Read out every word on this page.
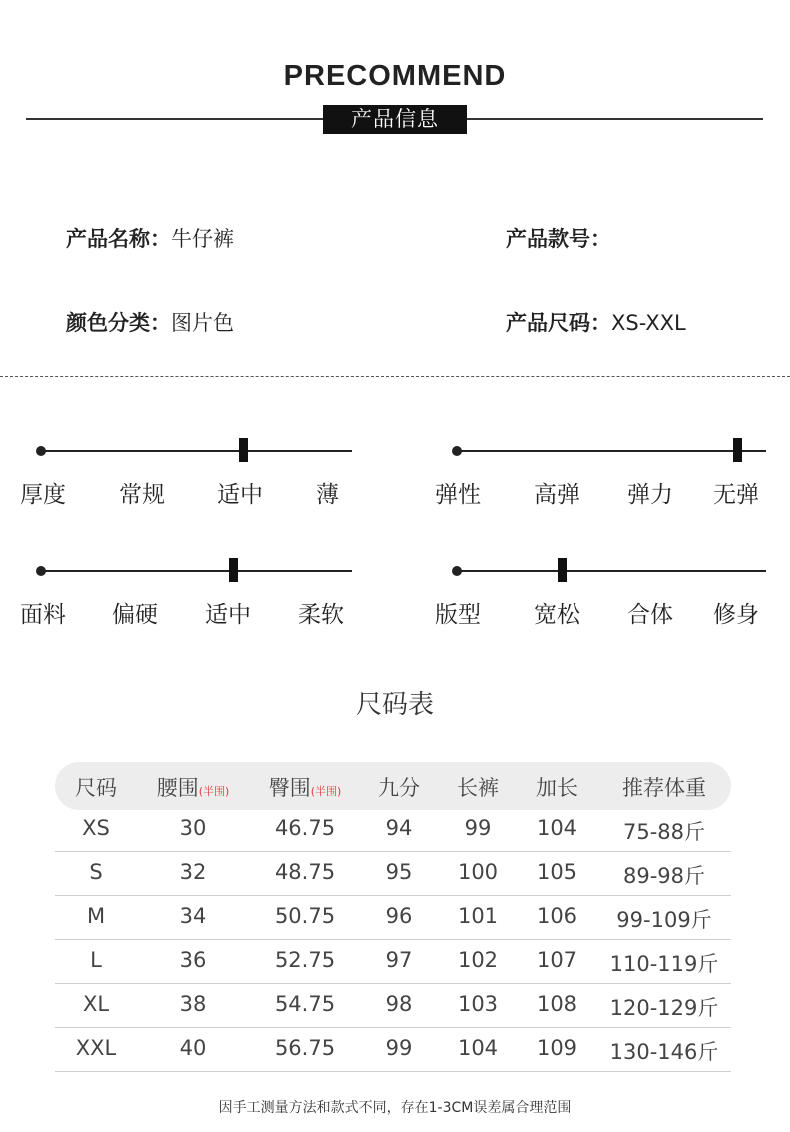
PRECOMMEND
产品信息
产品名称：牛仔裤	产品款号：
颜色分类：图片色	产品尺码：XS-XXL
厚度 常规 适中 薄	弹性 高弹 弹力 无弹
面料 偏硬 适中 柔软	版型 宽松 合体 修身
尺码表
尺码	腰围(半围)	臀围(半围)	九分	长裤	加长	推荐体重
XS	30	46.75	94	99	104	75-88斤
S	32	48.75	95	100	105	89-98斤
M	34	50.75	96	101	106	99-109斤
L	36	52.75	97	102	107	110-119斤
XL	38	54.75	98	103	108	120-129斤
XXL	40	56.75	99	104	109	130-146斤
因手工测量方法和款式不同，存在1-3CM误差属合理范围
